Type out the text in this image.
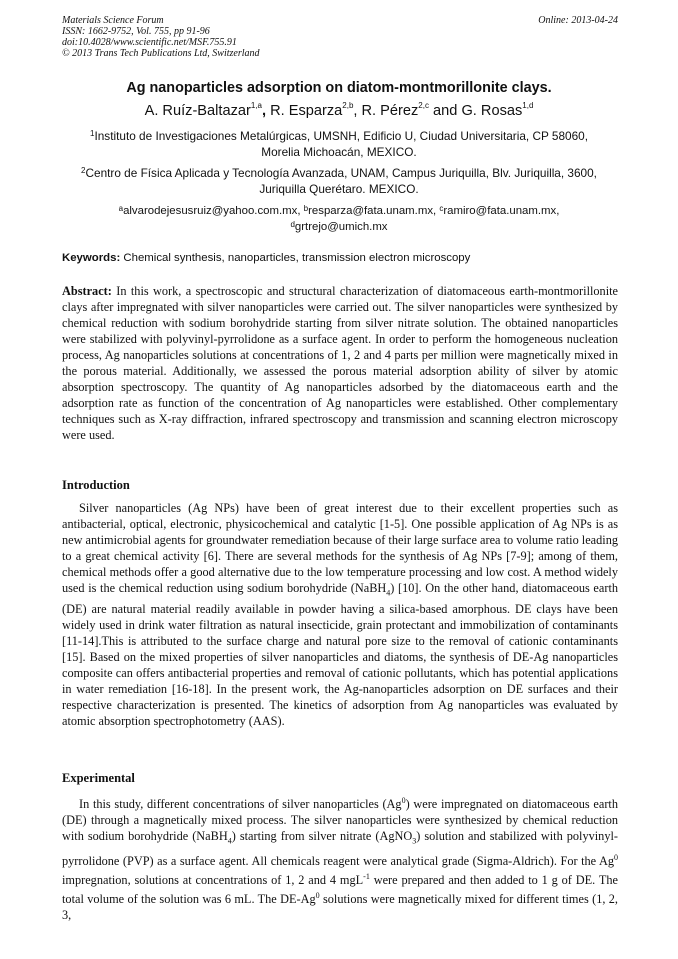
Materials Science Forum
ISSN: 1662-9752, Vol. 755, pp 91-96
doi:10.4028/www.scientific.net/MSF.755.91
© 2013 Trans Tech Publications Ltd, Switzerland
Online: 2013-04-24
Ag nanoparticles adsorption on diatom-montmorillonite clays.
A. Ruíz-Baltazar$^{1,a}$, R. Esparza$^{2,b}$, R. Pérez$^{2,c}$ and G. Rosas$^{1,d}$
$^1$Instituto de Investigaciones Metalúrgicas, UMSNH, Edificio U, Ciudad Universitaria, CP 58060, Morelia Michoacán, MEXICO.
$^2$Centro de Física Aplicada y Tecnología Avanzada, UNAM, Campus Juriquilla, Blv. Juriquilla, 3600, Juriquilla Querétaro. MEXICO.
$^a$alvarodejesusruiz@yahoo.com.mx, $^b$resparza@fata.unam.mx, $^c$ramiro@fata.unam.mx,
$^d$grtrejo@umich.mx
Keywords: Chemical synthesis, nanoparticles, transmission electron microscopy
Abstract: In this work, a spectroscopic and structural characterization of diatomaceous earth-montmorillonite clays after impregnated with silver nanoparticles were carried out. The silver nanoparticles were synthesized by chemical reduction with sodium borohydride starting from silver nitrate solution. The obtained nanoparticles were stabilized with polyvinyl-pyrrolidone as a surface agent. In order to perform the homogeneous nucleation process, Ag nanoparticles solutions at concentrations of 1, 2 and 4 parts per million were magnetically mixed in the porous material. Additionally, we assessed the porous material adsorption ability of silver by atomic absorption spectroscopy. The quantity of Ag nanoparticles adsorbed by the diatomaceous earth and the adsorption rate as function of the concentration of Ag nanoparticles were established. Other complementary techniques such as X-ray diffraction, infrared spectroscopy and transmission and scanning electron microscopy were used.
Introduction
Silver nanoparticles (Ag NPs) have been of great interest due to their excellent properties such as antibacterial, optical, electronic, physicochemical and catalytic [1-5]. One possible application of Ag NPs is as new antimicrobial agents for groundwater remediation because of their large surface area to volume ratio leading to a great chemical activity [6]. There are several methods for the synthesis of Ag NPs [7-9]; among of them, chemical methods offer a good alternative due to the low temperature processing and low cost. A method widely used is the chemical reduction using sodium borohydride (NaBH$_4$) [10]. On the other hand, diatomaceous earth (DE) are natural material readily available in powder having a silica-based amorphous. DE clays have been widely used in drink water filtration as natural insecticide, grain protectant and immobilization of contaminants [11-14].This is attributed to the surface charge and natural pore size to the removal of cationic contaminants [15]. Based on the mixed properties of silver nanoparticles and diatoms, the synthesis of DE-Ag nanoparticles composite can offers antibacterial properties and removal of cationic pollutants, which has potential applications in water remediation [16-18]. In the present work, the Ag-nanoparticles adsorption on DE surfaces and their respective characterization is presented. The kinetics of adsorption from Ag nanoparticles was evaluated by atomic absorption spectrophotometry (AAS).
Experimental
In this study, different concentrations of silver nanoparticles (Ag$^0$) were impregnated on diatomaceous earth (DE) through a magnetically mixed process. The silver nanoparticles were synthesized by chemical reduction with sodium borohydride (NaBH$_4$) starting from silver nitrate (AgNO$_3$) solution and stabilized with polyvinyl-pyrrolidone (PVP) as a surface agent. All chemicals reagent were analytical grade (Sigma-Aldrich). For the Ag$^0$ impregnation, solutions at concentrations of 1, 2 and 4 mgL$^{-1}$ were prepared and then added to 1 g of DE. The total volume of the solution was 6 mL. The DE-Ag$^0$ solutions were magnetically mixed for different times (1, 2, 3,
